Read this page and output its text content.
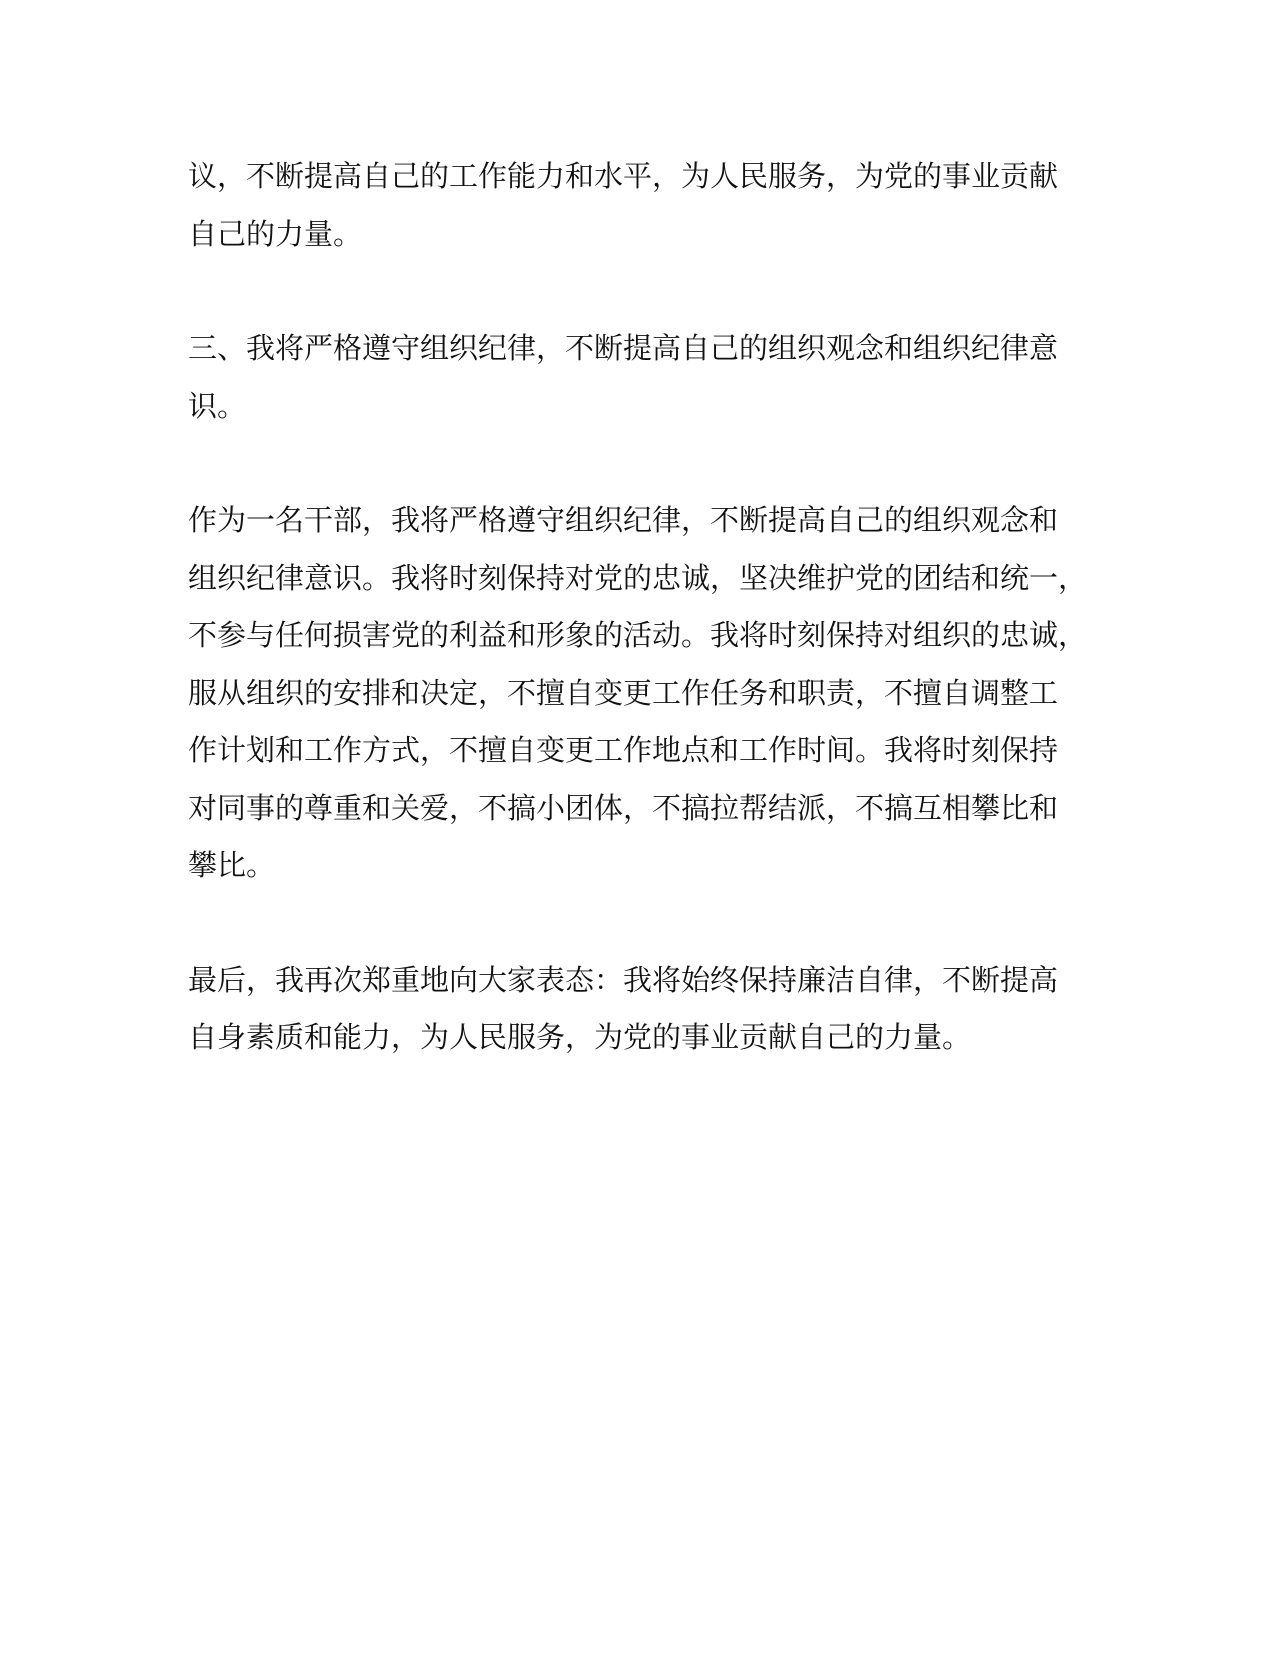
议，不断提高自己的工作能力和水平，为人民服务，为党的事业贡献
自己的力量。

三、我将严格遵守组织纪律，不断提高自己的组织观念和组织纪律意
识。

作为一名干部，我将严格遵守组织纪律，不断提高自己的组织观念和
组织纪律意识。我将时刻保持对党的忠诚，坚决维护党的团结和统一，
不参与任何损害党的利益和形象的活动。我将时刻保持对组织的忠诚，
服从组织的安排和决定，不擅自变更工作任务和职责，不擅自调整工
作计划和工作方式，不擅自变更工作地点和工作时间。我将时刻保持
对同事的尊重和关爱，不搞小团体，不搞拉帮结派，不搞互相攀比和
攀比。

最后，我再次郑重地向大家表态：我将始终保持廉洁自律，不断提高
自身素质和能力，为人民服务，为党的事业贡献自己的力量。
